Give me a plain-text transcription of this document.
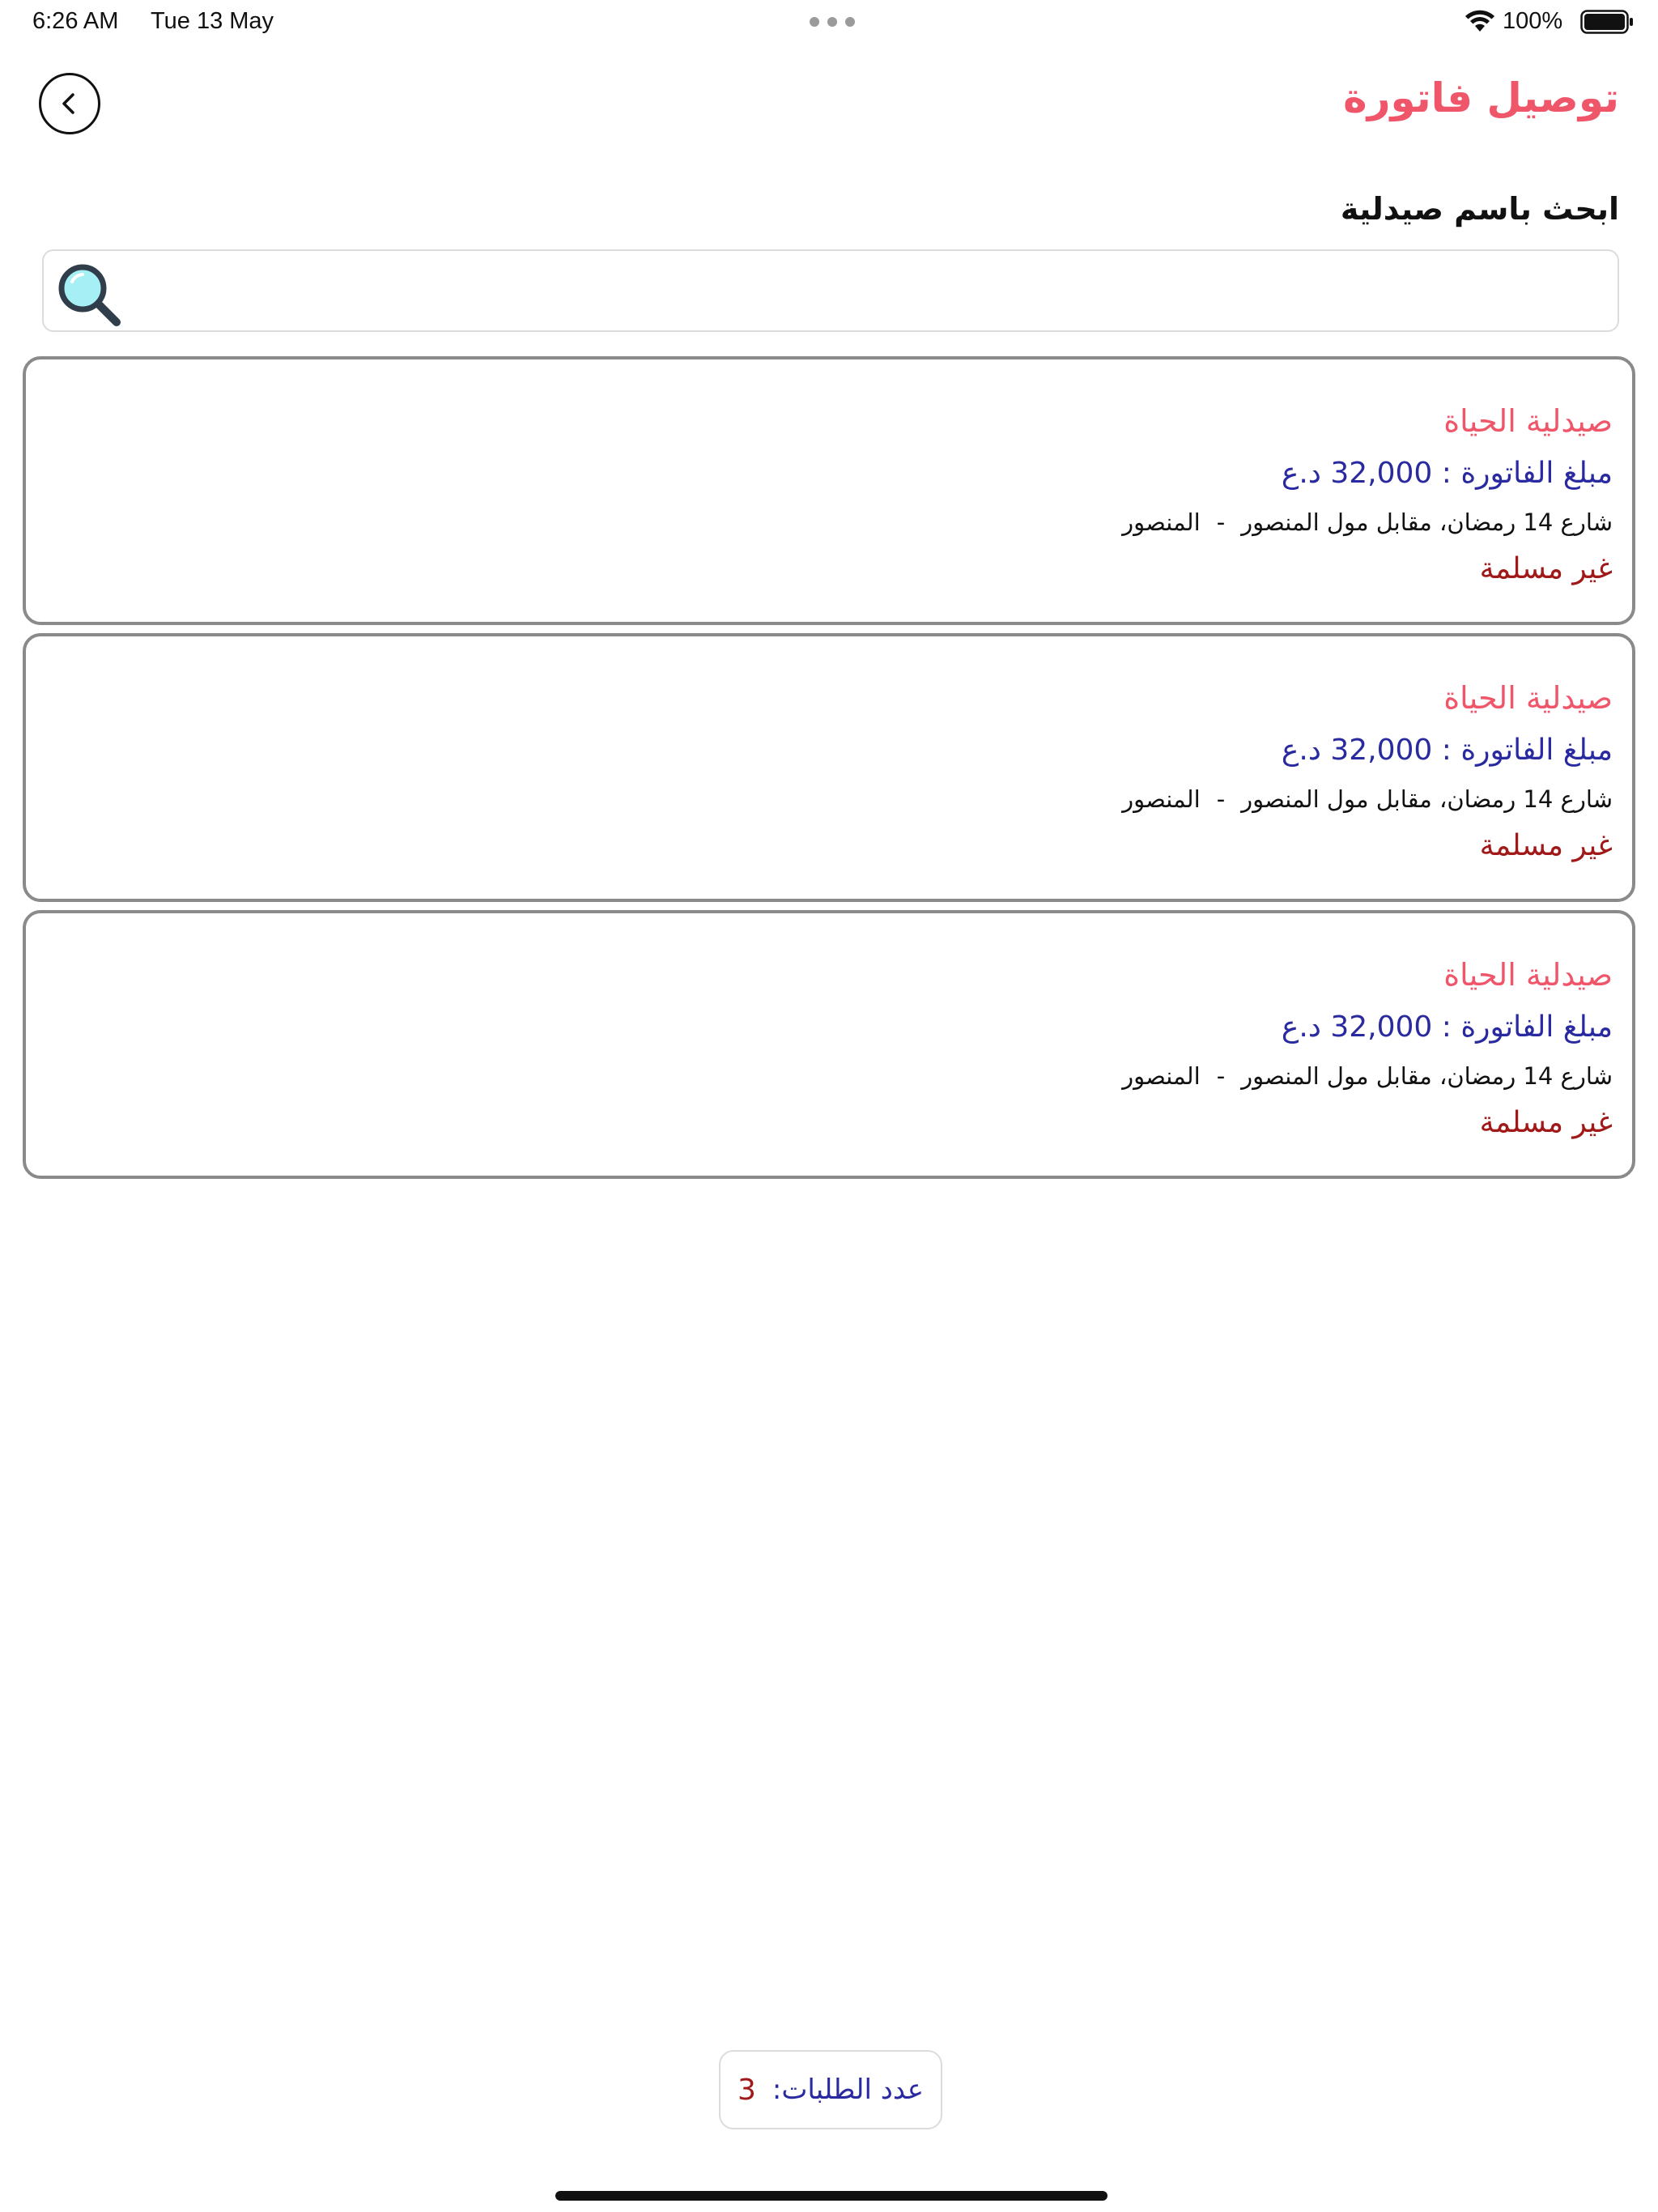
6:26 AM Tue 13 May	100%
توصيل فاتورة
ابحث باسم صيدلية
صيدلية الحياة
مبلغ الفاتورة : 32,000 د.ع
شارع 14 رمضان، مقابل مول المنصور-المنصور
غير مسلمة
صيدلية الحياة
مبلغ الفاتورة : 32,000 د.ع
شارع 14 رمضان، مقابل مول المنصور-المنصور
غير مسلمة
صيدلية الحياة
مبلغ الفاتورة : 32,000 د.ع
شارع 14 رمضان، مقابل مول المنصور-المنصور
غير مسلمة
عدد الطلبات:
3
